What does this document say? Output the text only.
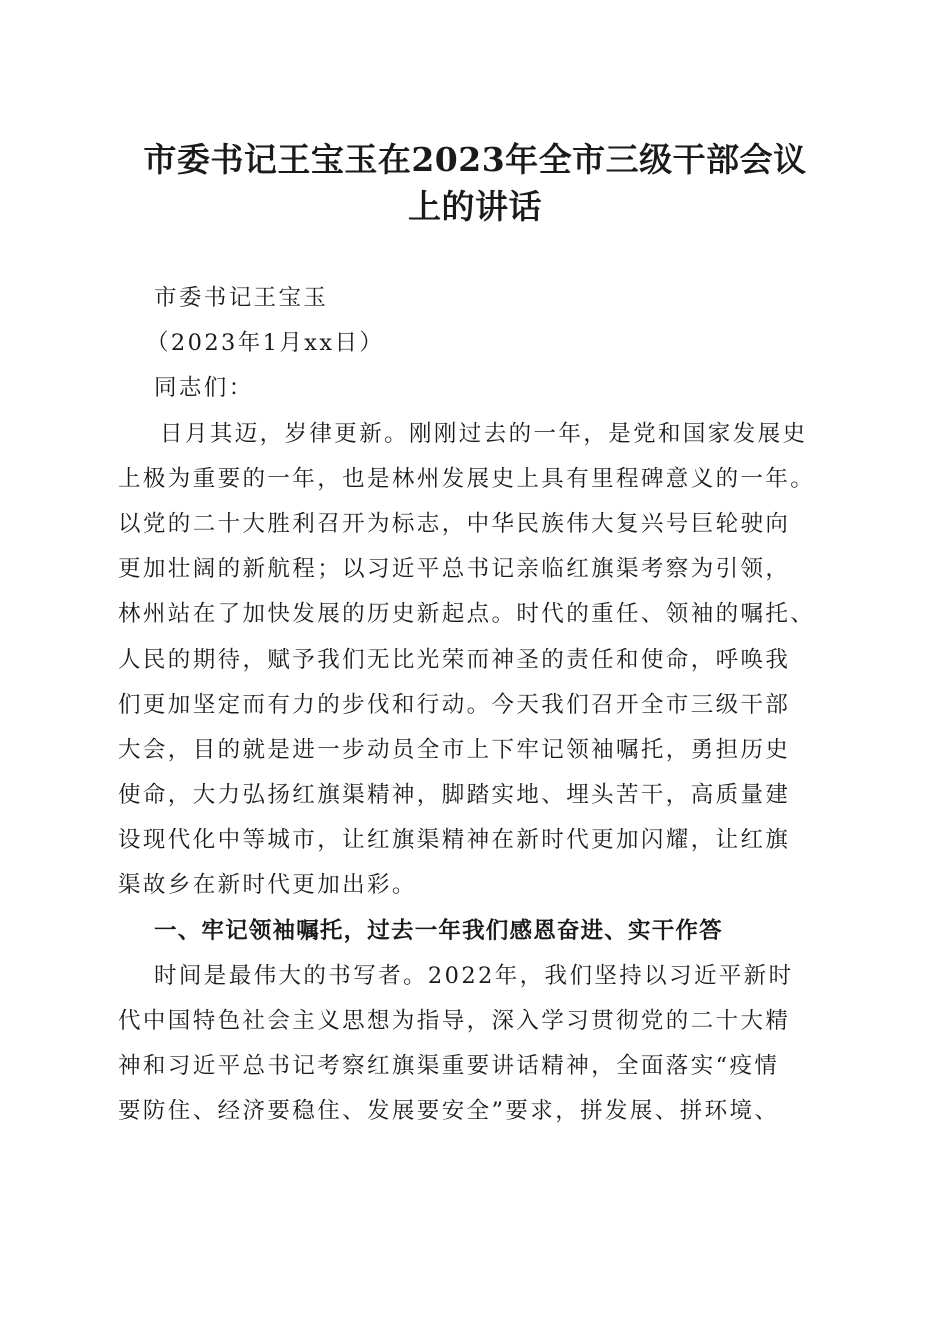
市委书记王宝玉在2023年全市三级干部会议
上的讲话
市委书记王宝玉
（2023年1月xx日）
同志们：
日月其迈，岁律更新。刚刚过去的一年，是党和国家发展史
上极为重要的一年，也是林州发展史上具有里程碑意义的一年。
以党的二十大胜利召开为标志，中华民族伟大复兴号巨轮驶向
更加壮阔的新航程；以习近平总书记亲临红旗渠考察为引领，
林州站在了加快发展的历史新起点。时代的重任、领袖的嘱托、
人民的期待，赋予我们无比光荣而神圣的责任和使命，呼唤我
们更加坚定而有力的步伐和行动。今天我们召开全市三级干部
大会，目的就是进一步动员全市上下牢记领袖嘱托，勇担历史
使命，大力弘扬红旗渠精神，脚踏实地、埋头苦干，高质量建
设现代化中等城市，让红旗渠精神在新时代更加闪耀，让红旗
渠故乡在新时代更加出彩。
一、牢记领袖嘱托，过去一年我们感恩奋进、实干作答
时间是最伟大的书写者。2022年，我们坚持以习近平新时
代中国特色社会主义思想为指导，深入学习贯彻党的二十大精
神和习近平总书记考察红旗渠重要讲话精神，全面落实“疫情
要防住、经济要稳住、发展要安全”要求，拼发展、拼环境、
